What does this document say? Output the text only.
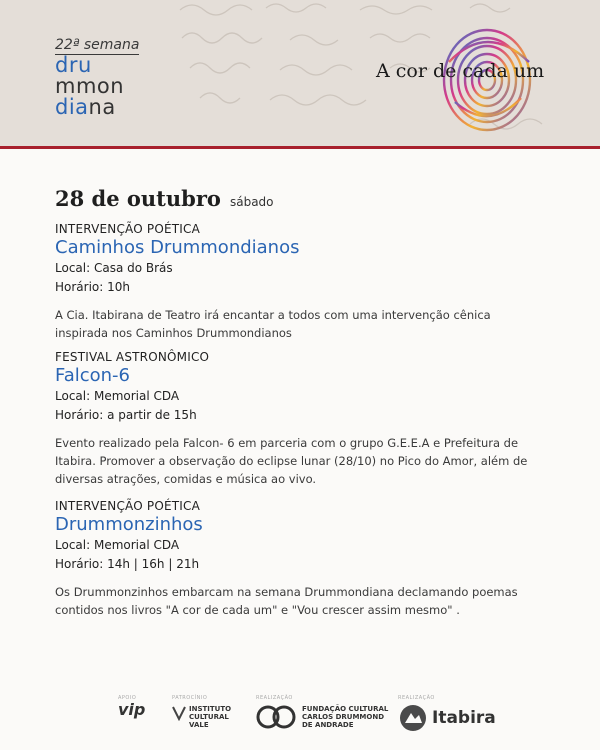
22ª semana
dru
mmon
diana
A cor de cada um
28 de outubro sábado
INTERVENÇÃO POÉTICA
Caminhos Drummondianos
Local: Casa do Brás
Horário: 10h
A Cia. Itabirana de Teatro irá encantar a todos com uma intervenção cênica inspirada nos Caminhos Drummondianos
FESTIVAL ASTRONÔMICO
Falcon-6
Local: Memorial CDA
Horário: a partir de 15h
Evento realizado pela Falcon- 6 em parceria com o grupo G.E.E.A e Prefeitura de Itabira. Promover a observação do eclipse lunar (28/10) no Pico do Amor, além de diversas atrações, comidas e música ao vivo.
INTERVENÇÃO POÉTICA
Drummonzinhos
Local: Memorial CDA
Horário: 14h | 16h | 21h
Os Drummonzinhos embarcam na semana Drummondiana declamando poemas contidos nos livros "A cor de cada um" e "Vou crescer assim mesmo" .
APOIO
vip
PATROCÍNIO
INSTITUTO CULTURAL VALE
REALIZAÇÃO
FUNDAÇÃO CULTURAL CARLOS DRUMMOND DE ANDRADE
REALIZAÇÃO
Itabira
